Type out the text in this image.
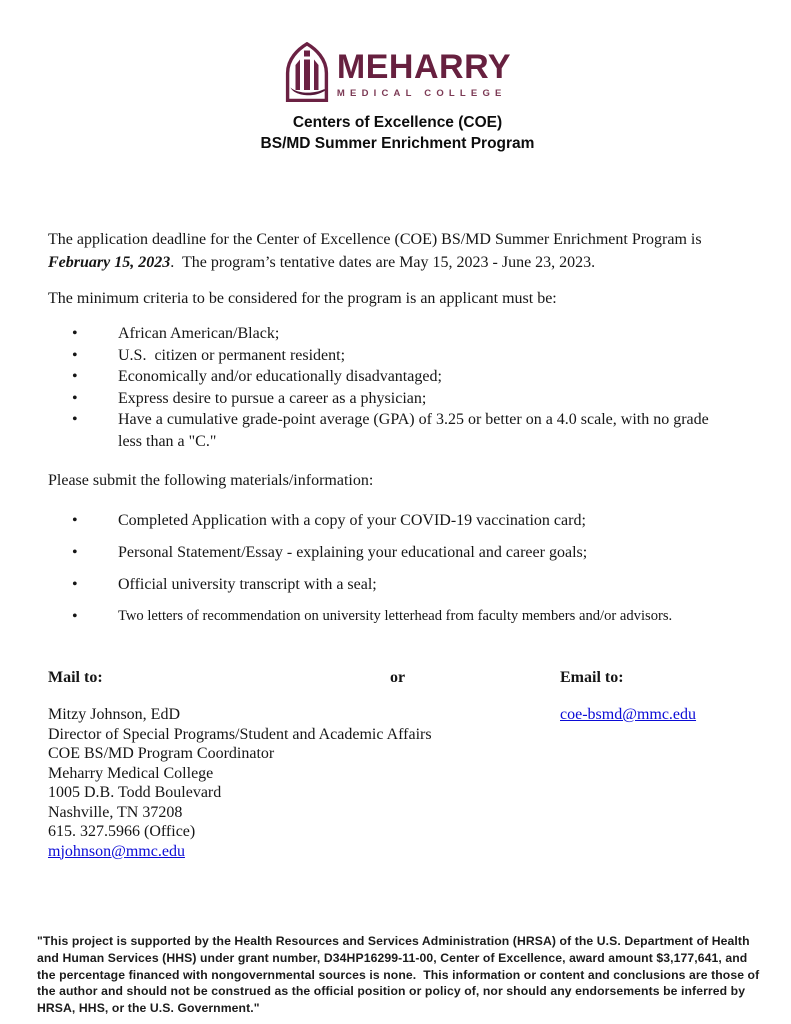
MEHARRY
MEDICAL COLLEGE
Centers of Excellence (COE)
BS/MD Summer Enrichment Program

The application deadline for the Center of Excellence (COE) BS/MD Summer Enrichment Program is February 15, 2023.  The program’s tentative dates are May 15, 2023 - June 23, 2023.

The minimum criteria to be considered for the program is an applicant must be:

•	African American/Black;
•	U.S.  citizen or permanent resident;
•	Economically and/or educationally disadvantaged;
•	Express desire to pursue a career as a physician;
•	Have a cumulative grade-point average (GPA) of 3.25 or better on a 4.0 scale, with no grade less than a "C."

Please submit the following materials/information:

•	Completed Application with a copy of your COVID-19 vaccination card;
•	Personal Statement/Essay - explaining your educational and career goals;
•	Official university transcript with a seal;
•	Two letters of recommendation on university letterhead from faculty members and/or advisors.
Mail to:	or	Email to:
Mitzy Johnson, EdD
Director of Special Programs/Student and Academic Affairs
COE BS/MD Program Coordinator
Meharry Medical College
1005 D.B. Todd Boulevard
Nashville, TN 37208
615. 327.5966 (Office)
mjohnson@mmc.edu
coe-bsmd@mmc.edu
"This project is supported by the Health Resources and Services Administration (HRSA) of the U.S. Department of Health and Human Services (HHS) under grant number, D34HP16299-11-00, Center of Excellence, award amount $3,177,641, and the percentage financed with nongovernmental sources is none.  This information or content and conclusions are those of the author and should not be construed as the official position or policy of, nor should any endorsements be inferred by HRSA, HHS, or the U.S. Government."
